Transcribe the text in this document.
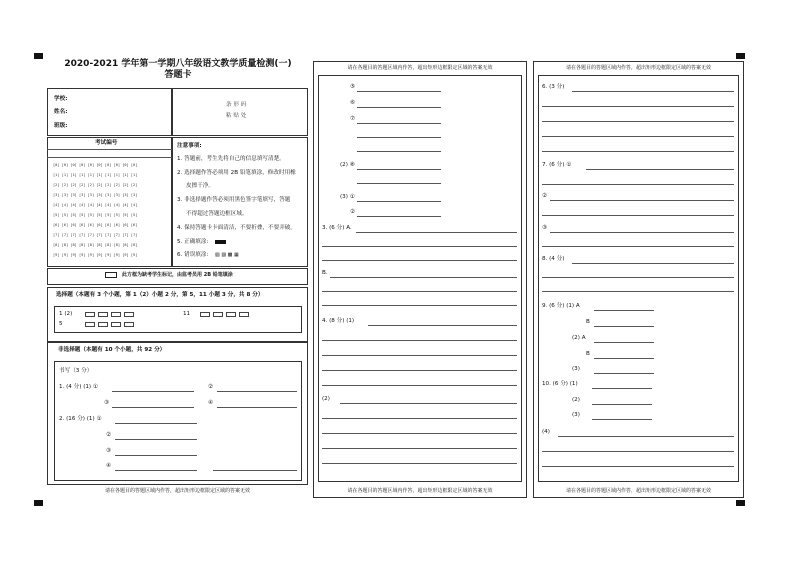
2020-2021 学年第一学期八年级语文教学质量检测(一)
答题卡
学校:
姓名:
班级:
条 形 码
粘 贴 处
考试编号
[0] [0] [0] [0] [0] [0] [0] [0] [0] [0]
[1] [1] [1] [1] [1] [1] [1] [1] [1] [1]
[2] [2] [2] [2] [2] [2] [2] [2] [2] [2]
[3] [3] [3] [3] [3] [3] [3] [3] [3] [3]
[4] [4] [4] [4] [4] [4] [4] [4] [4] [4]
[5] [5] [5] [5] [5] [5] [5] [5] [5] [5]
[6] [6] [6] [6] [6] [6] [6] [6] [6] [6]
[7] [7] [7] [7] [7] [7] [7] [7] [7] [7]
[8] [8] [8] [8] [8] [8] [8] [8] [8] [8]
[9] [9] [9] [9] [9] [9] [9] [9] [9] [9]
注意事项:
1. 答题前，考生先将自己的信息填写清楚。
2. 选择题作答必须用 2B 铅笔填涂，修改时用橡
皮擦干净。
3. 非选择题作答必须用黑色签字笔填写，答题
不得超过答题边框区域。
4. 保持答题卡卡面清洁，不要折叠，不要弄破。
5. 正确填涂:
6. 错误填涂: ▧ ▨ ▩ ▦
此方框为缺考学生标记，由监考员用 2B 铅笔填涂
选择题（本题有 3 个小题，第 1（2）小题 2 分，第 5，11 小题 3 分，共 8 分）
1 (2)
5
11
非选择题（本题有 10 个小题，共 92 分）
书写（3 分）
1. (4 分) (1) ①	②
③	④
2. (16 分) (1) ①
②
③
④
请在各题目的答题区域内作答，超出矩形边框限定区域的答案无效
请在各题目的答题区域内作答，超出矩形边框限定区域的答案无效
请在各题目的答题区域内作答，超出矩形边框限定区域的答案无效
⑤
⑥
⑦
(2) ⑧
(3) ①
②
3. (6 分) A.
B.
4. (8 分) (1)
(2)
请在各题目的答题区域内作答，超出矩形边框限定区域的答案无效
请在各题目的答题区域内作答，超出矩形边框限定区域的答案无效
6. (3 分)
7. (6 分) ①
②
③
8. (4 分)
9. (6 分) (1) A
B
(2) A
B
(3)
10. (6 分) (1)
(2)
(3)
(4)
